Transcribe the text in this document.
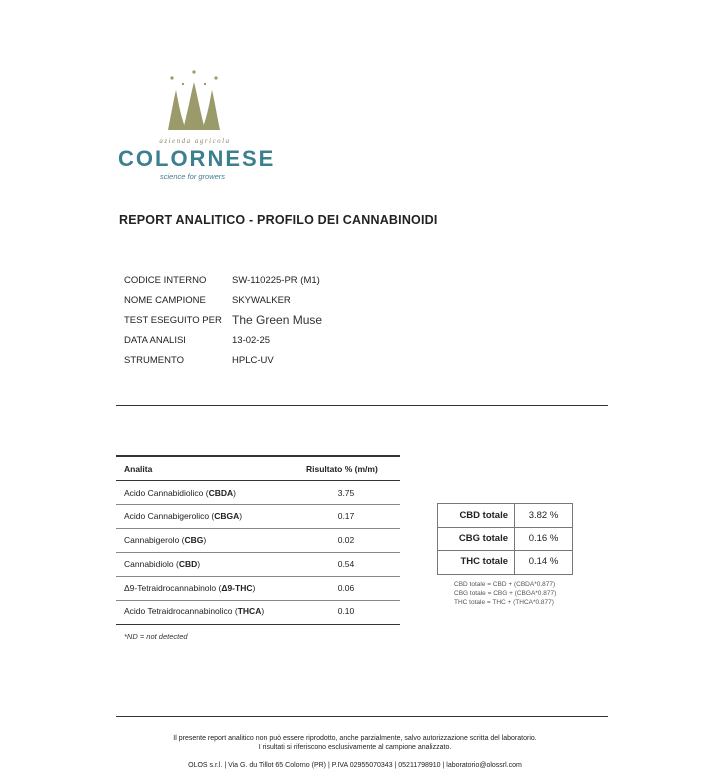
azienda agricola
COLORNESE
science for growers
REPORT ANALITICO - PROFILO DEI CANNABINOIDI
CODICE INTERNO	SW-110225-PR (M1)
NOME CAMPIONE	SKYWALKER
TEST ESEGUITO PER The Green Muse
DATA ANALISI	13-02-25
STRUMENTO	HPLC-UV
Analita	Risultato % (m/m)
Acido Cannabidiolico (CBDA)	3.75
Acido Cannabigerolico (CBGA)	0.17
Cannabigerolo (CBG)	0.02
Cannabidiolo (CBD)	0.54
Δ9-Tetraidrocannabinolo (Δ9-THC)	0.06
Acido Tetraidrocannabinolico (THCA)	0.10
*ND = not detected
CBD totale	3.82 %
CBG totale	0.16 %
THC totale	0.14 %
CBD totale = CBD + (CBDA*0.877)
CBG totale = CBG + (CBGA*0.877)
THC totale = THC + (THCA*0.877)
Il presente report analitico non può essere riprodotto, anche parzialmente, salvo autorizzazione scritta del laboratorio.
I risultati si riferiscono esclusivamente al campione analizzato.
OLOS s.r.l. | Via G. du Tillot 65 Colorno (PR) | P.IVA 02955070343 | 05211798910 | laboratorio@olossrl.com
